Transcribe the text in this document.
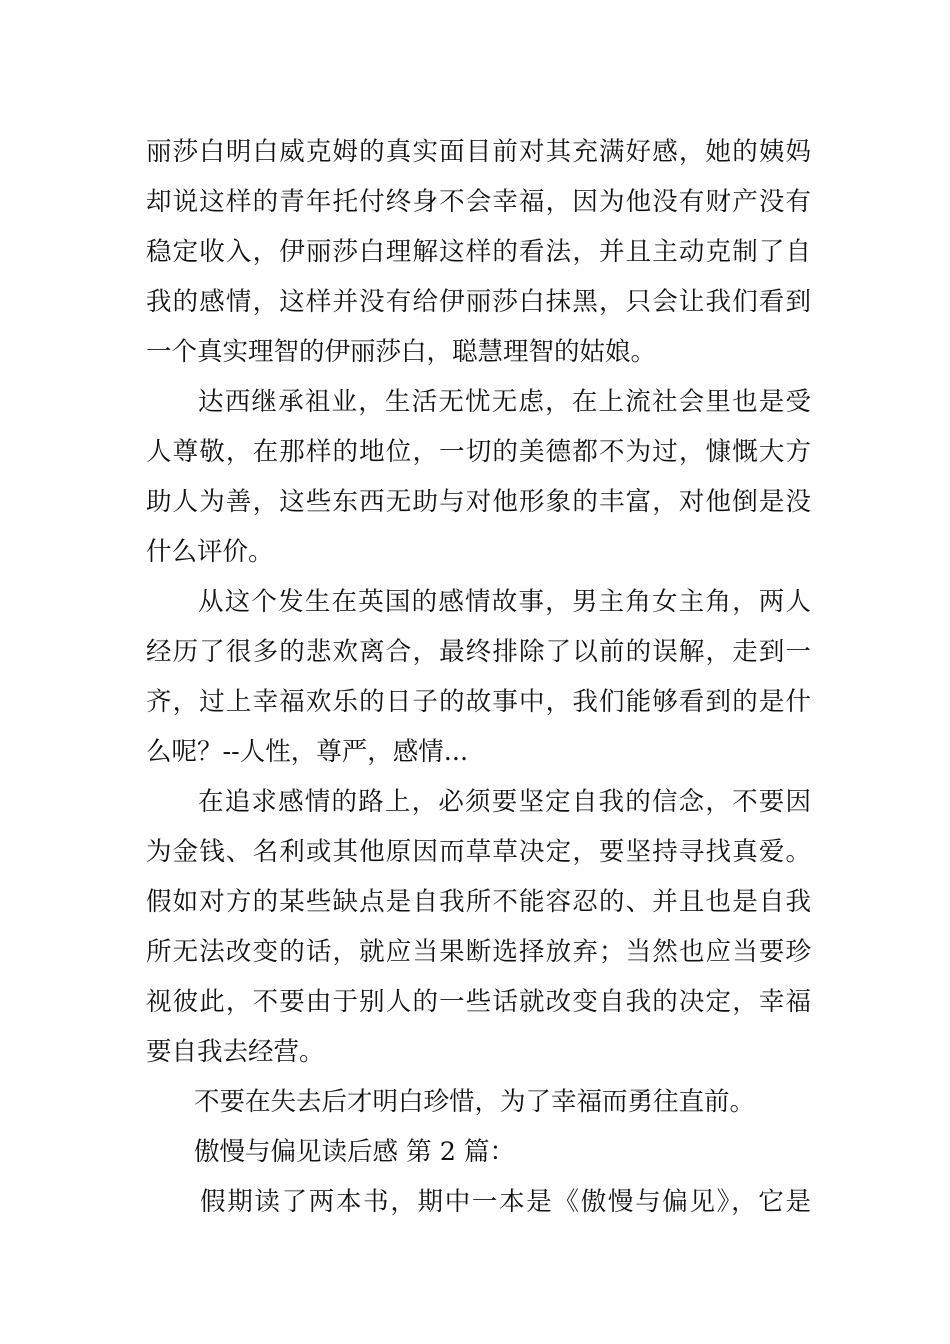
丽莎白明白威克姆的真实面目前对其充满好感，她的姨妈
却说这样的青年托付终身不会幸福，因为他没有财产没有
稳定收入，伊丽莎白理解这样的看法，并且主动克制了自
我的感情，这样并没有给伊丽莎白抹黑，只会让我们看到
一个真实理智的伊丽莎白，聪慧理智的姑娘。
达西继承祖业，生活无忧无虑，在上流社会里也是受
人尊敬，在那样的地位，一切的美德都不为过，慷慨大方
助人为善，这些东西无助与对他形象的丰富，对他倒是没
什么评价。
从这个发生在英国的感情故事，男主角女主角，两人
经历了很多的悲欢离合，最终排除了以前的误解，走到一
齐，过上幸福欢乐的日子的故事中，我们能够看到的是什
么呢？--人性，尊严，感情...
在追求感情的路上，必须要坚定自我的信念，不要因
为金钱、名利或其他原因而草草决定，要坚持寻找真爱。
假如对方的某些缺点是自我所不能容忍的、并且也是自我
所无法改变的话，就应当果断选择放弃；当然也应当要珍
视彼此，不要由于别人的一些话就改变自我的决定，幸福
要自我去经营。
不要在失去后才明白珍惜，为了幸福而勇往直前。
傲慢与偏见读后感 第 2 篇：
假期读了两本书，期中一本是《傲慢与偏见》，它是
